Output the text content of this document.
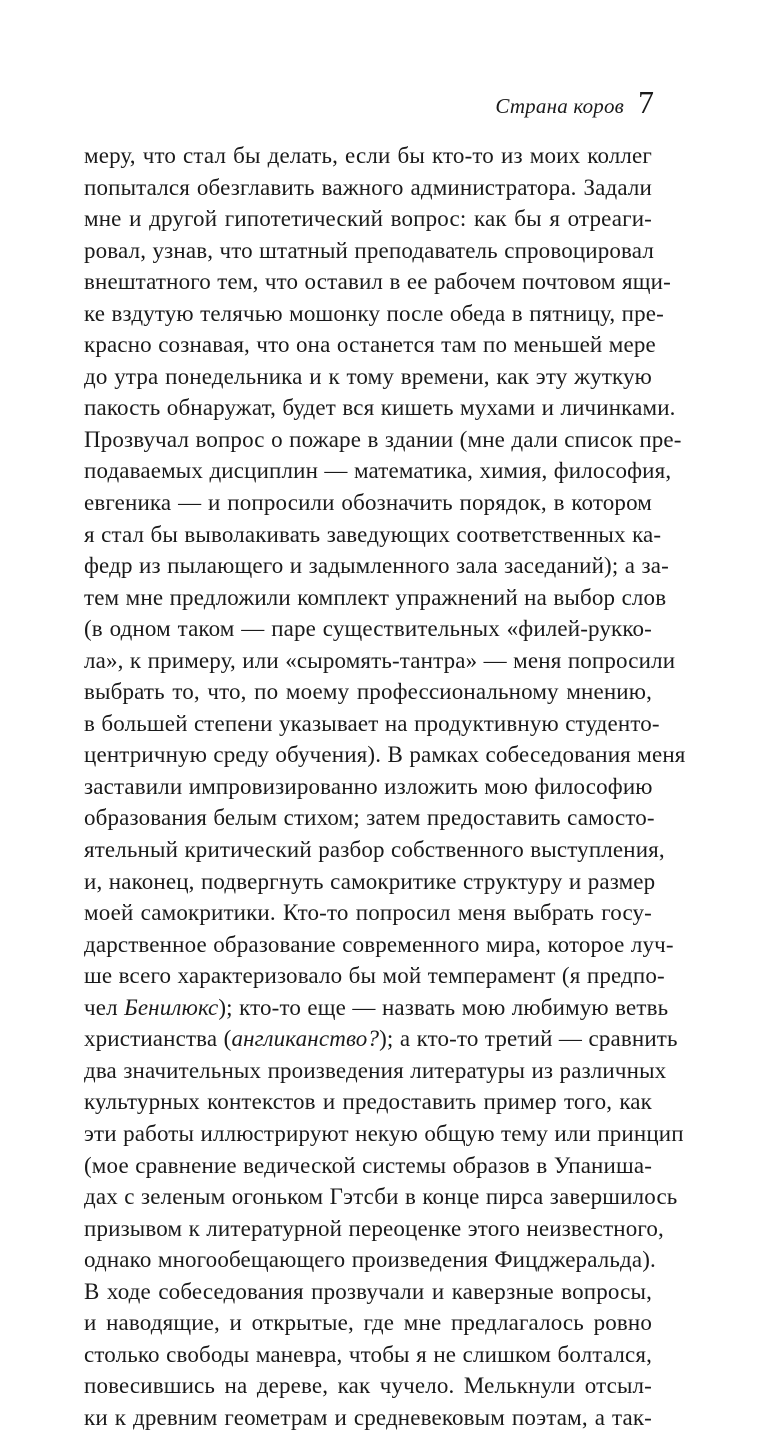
Страна коров 7
меру, что стал бы делать, если бы кто-то из моих коллег
попытался обезглавить важного администратора. Задали
мне и другой гипотетический вопрос: как бы я отреаги-
ровал, узнав, что штатный преподаватель спровоцировал
внештатного тем, что оставил в ее рабочем почтовом ящи-
ке вздутую телячью мошонку после обеда в пятницу, пре-
красно сознавая, что она останется там по меньшей мере
до утра понедельника и к тому времени, как эту жуткую
пакость обнаружат, будет вся кишеть мухами и личинками.
Прозвучал вопрос о пожаре в здании (мне дали список пре-
подаваемых дисциплин — математика, химия, философия,
евгеника — и попросили обозначить порядок, в котором
я стал бы выволакивать заведующих соответственных ка-
федр из пылающего и задымленного зала заседаний); а за-
тем мне предложили комплект упражнений на выбор слов
(в одном таком — паре существительных «филей-рукко-
ла», к примеру, или «сыромять-тантра» — меня попросили
выбрать то, что, по моему профессиональному мнению,
в большей степени указывает на продуктивную студенто-
центричную среду обучения). В рамках собеседования меня
заставили импровизированно изложить мою философию
образования белым стихом; затем предоставить самосто-
ятельный критический разбор собственного выступления,
и, наконец, подвергнуть самокритике структуру и размер
моей самокритики. Кто-то попросил меня выбрать госу-
дарственное образование современного мира, которое луч-
ше всего характеризовало бы мой темперамент (я предпо-
чел Бенилюкс); кто-то еще — назвать мою любимую ветвь
христианства (англиканство?); а кто-то третий — сравнить
два значительных произведения литературы из различных
культурных контекстов и предоставить пример того, как
эти работы иллюстрируют некую общую тему или принцип
(мое сравнение ведической системы образов в Упаниша-
дах с зеленым огоньком Гэтсби в конце пирса завершилось
призывом к литературной переоценке этого неизвестного,
однако многообещающего произведения Фицджеральда).
В ходе собеседования прозвучали и каверзные вопросы,
и наводящие, и открытые, где мне предлагалось ровно
столько свободы маневра, чтобы я не слишком болтался,
повесившись на дереве, как чучело. Мелькнули отсыл-
ки к древним геометрам и средневековым поэтам, а так-
